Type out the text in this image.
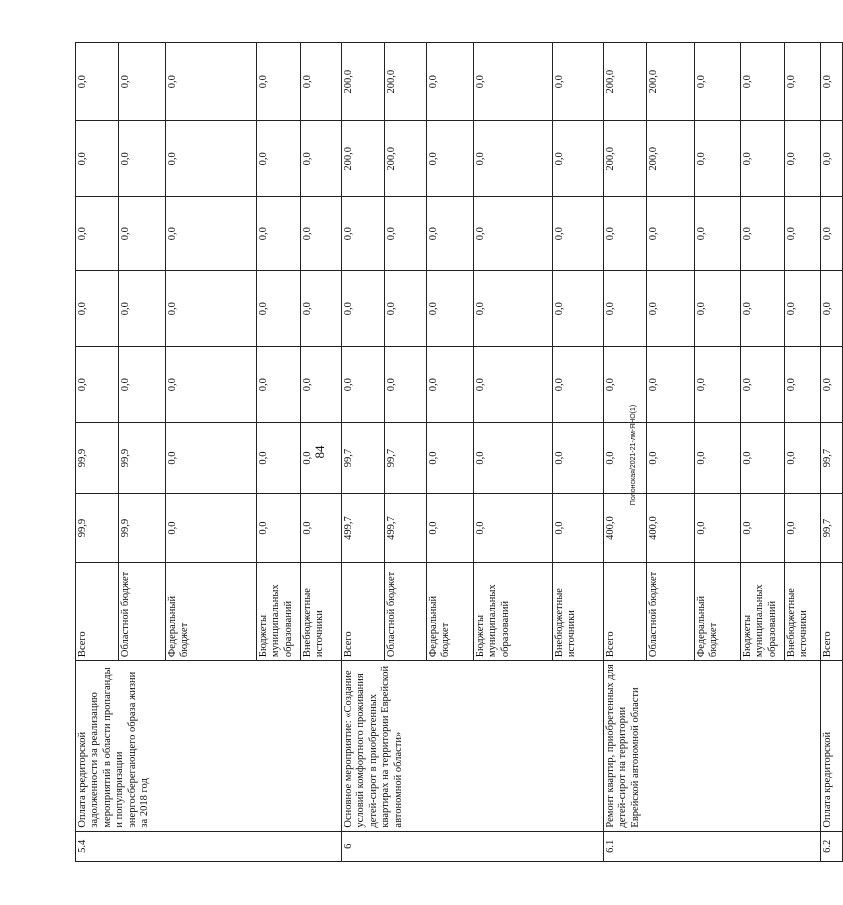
84	Полонская/2021-21-лм-ЯНО(1)
5.4	Оплата кредиторской задолженности за реализацию мероприятий в области пропаганды и популяризации энергосберегающего образа жизни за 2018 год	Всего	99,9	99,9	0,0	0,0	0,0	0,0	0,0
		Областной бюджет	99,9	99,9	0,0	0,0	0,0	0,0	0,0
		Федеральный бюджет	0,0	0,0	0,0	0,0	0,0	0,0	0,0
		Бюджеты муниципальных образований	0,0	0,0	0,0	0,0	0,0	0,0	0,0
		Внебюджетные источники	0,0	0,0	0,0	0,0	0,0	0,0	0,0
6	Основное мероприятие: «Создание условий комфортного проживания детей-сирот в приобретенных квартирах на территории Еврейской автономной области»	Всего	499,7	99,7	0,0	0,0	0,0	200,0	200,0
		Областной бюджет	499,7	99,7	0,0	0,0	0,0	200,0	200,0
		Федеральный бюджет	0,0	0,0	0,0	0,0	0,0	0,0	0,0
		Бюджеты муниципальных образований	0,0	0,0	0,0	0,0	0,0	0,0	0,0
		Внебюджетные источники	0,0	0,0	0,0	0,0	0,0	0,0	0,0
6.1	Ремонт квартир, приобретенных для детей-сирот на территории Еврейской автономной области	Всего	400,0	0,0	0,0	0,0	0,0	200,0	200,0
		Областной бюджет	400,0	0,0	0,0	0,0	0,0	200,0	200,0
		Федеральный бюджет	0,0	0,0	0,0	0,0	0,0	0,0	0,0
		Бюджеты муниципальных образований	0,0	0,0	0,0	0,0	0,0	0,0	0,0
		Внебюджетные источники	0,0	0,0	0,0	0,0	0,0	0,0	0,0
6.2	Оплата кредиторской	Всего	99,7	99,7	0,0	0,0	0,0	0,0	0,0
